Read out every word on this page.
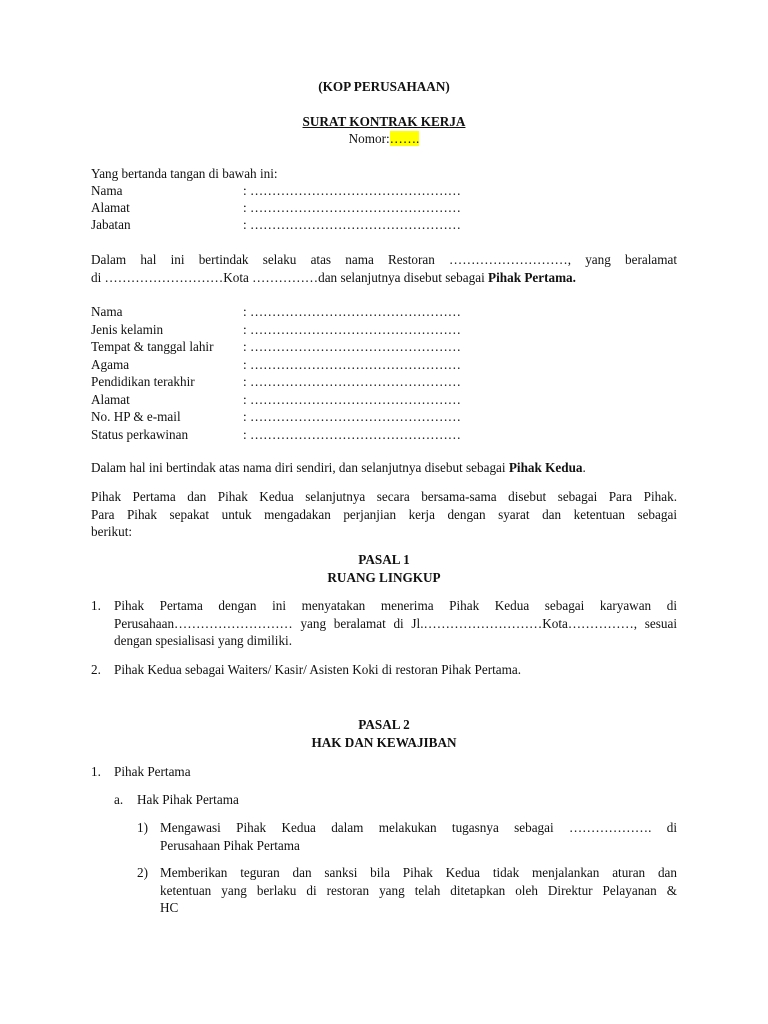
(KOP PERUSAHAAN)
SURAT KONTRAK KERJA
Nomor:…….
Yang bertanda tangan di bawah ini:
Nama	: …………………………………………
Alamat	: …………………………………………
Jabatan	: …………………………………………
Dalam hal ini bertindak selaku atas nama Restoran ………………………, yang beralamat
di ………………………Kota ……………dan selanjutnya disebut sebagai Pihak Pertama.
Nama	: …………………………………………
Jenis kelamin	: …………………………………………
Tempat & tanggal lahir : …………………………………………
Agama	: …………………………………………
Pendidikan terakhir	: …………………………………………
Alamat	: …………………………………………
No. HP & e-mail	: …………………………………………
Status perkawinan	: …………………………………………
Dalam hal ini bertindak atas nama diri sendiri, dan selanjutnya disebut sebagai Pihak Kedua.
Pihak Pertama dan Pihak Kedua selanjutnya secara bersama-sama disebut sebagai Para Pihak.
Para Pihak sepakat untuk mengadakan perjanjian kerja dengan syarat dan ketentuan sebagai
berikut:
PASAL 1
RUANG LINGKUP
1. Pihak Pertama dengan ini menyatakan menerima Pihak Kedua sebagai karyawan di
Perusahaan……………………… yang beralamat di Jl.………………………Kota……………, sesuai
dengan spesialisasi yang dimiliki.
2. Pihak Kedua sebagai Waiters/ Kasir/ Asisten Koki di restoran Pihak Pertama.
PASAL 2
HAK DAN KEWAJIBAN
1. Pihak Pertama
a. Hak Pihak Pertama
1) Mengawasi Pihak Kedua dalam melakukan tugasnya sebagai ………………. di
Perusahaan Pihak Pertama
2) Memberikan teguran dan sanksi bila Pihak Kedua tidak menjalankan aturan dan
ketentuan yang berlaku di restoran yang telah ditetapkan oleh Direktur Pelayanan &
HC
